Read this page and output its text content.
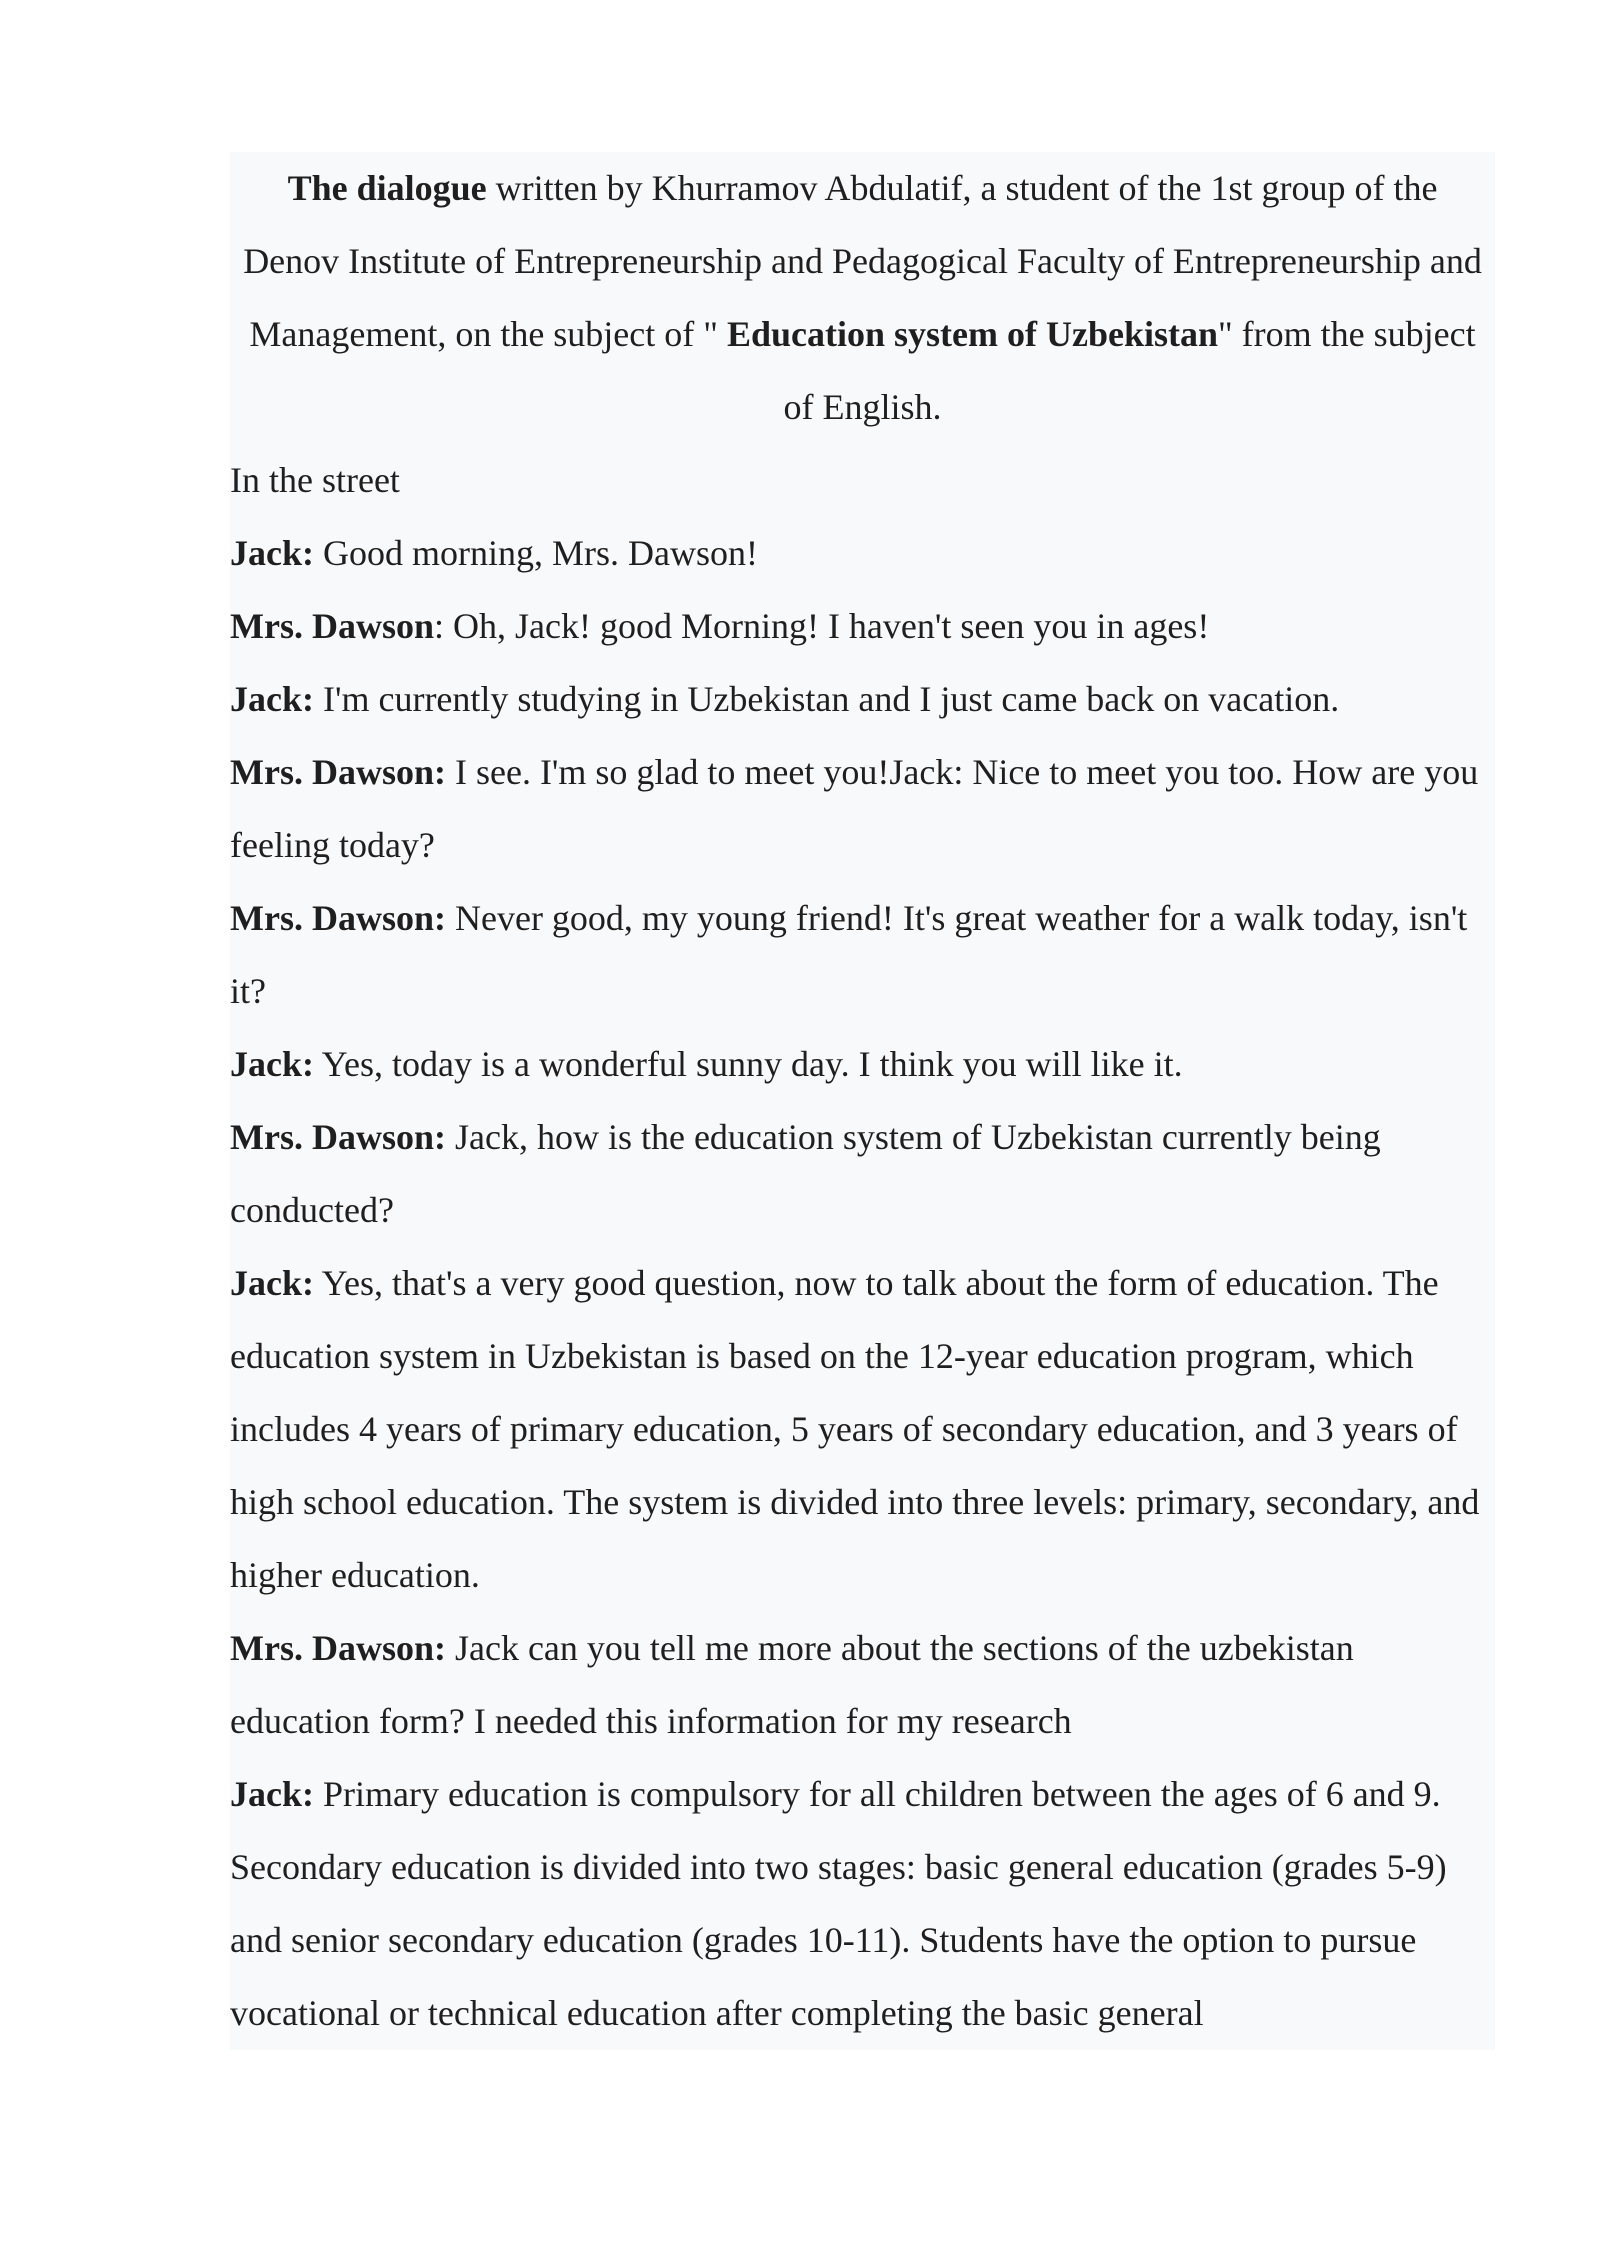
The dialogue written by Khurramov Abdulatif, a student of the 1st group of the Denov Institute of Entrepreneurship and Pedagogical Faculty of Entrepreneurship and Management, on the subject of " Education system of Uzbekistan" from the subject of English.

In the street

Jack: Good morning, Mrs. Dawson!

Mrs. Dawson: Oh, Jack! good Morning! I haven't seen you in ages!

Jack: I'm currently studying in Uzbekistan and I just came back on vacation.

Mrs. Dawson: I see. I'm so glad to meet you!Jack: Nice to meet you too. How are you feeling today?

Mrs. Dawson: Never good, my young friend! It's great weather for a walk today, isn't it?

Jack: Yes, today is a wonderful sunny day. I think you will like it.

Mrs. Dawson: Jack, how is the education system of Uzbekistan currently being conducted?

Jack: Yes, that's a very good question, now to talk about the form of education. The education system in Uzbekistan is based on the 12-year education program, which includes 4 years of primary education, 5 years of secondary education, and 3 years of high school education. The system is divided into three levels: primary, secondary, and higher education.

Mrs. Dawson: Jack can you tell me more about the sections of the uzbekistan education form? I needed this information for my research

Jack: Primary education is compulsory for all children between the ages of 6 and 9. Secondary education is divided into two stages: basic general education (grades 5-9) and senior secondary education (grades 10-11). Students have the option to pursue vocational or technical education after completing the basic general
